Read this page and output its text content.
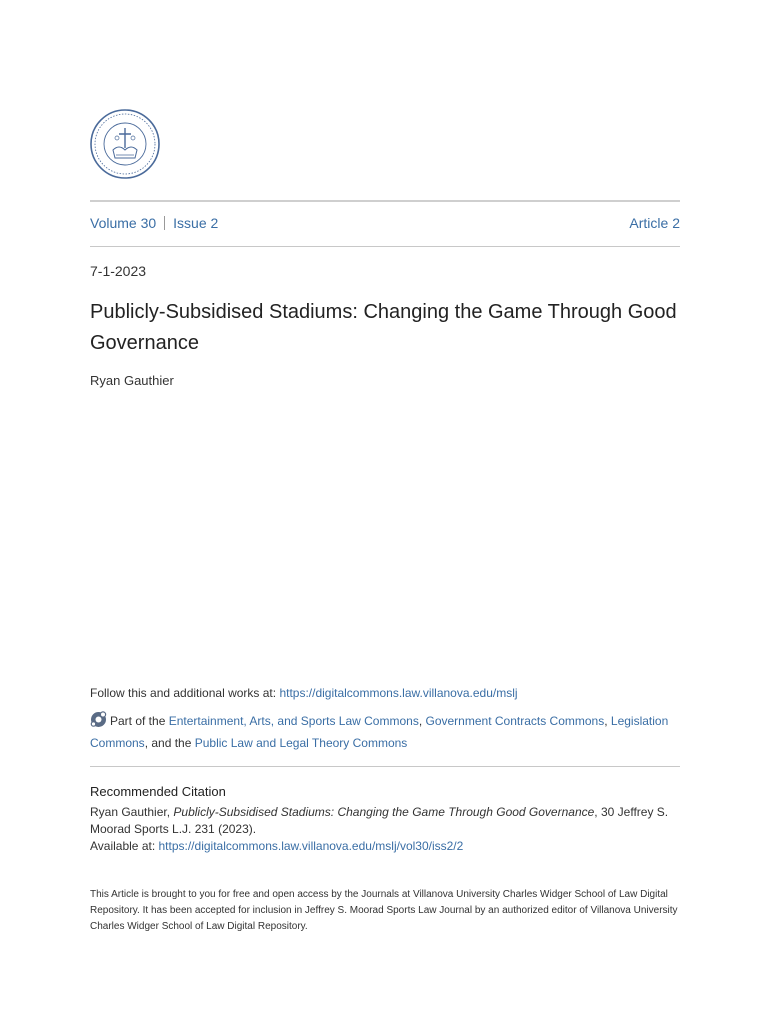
Volume 30 Issue 2	Article 2
7-1-2023
Publicly-Subsidised Stadiums: Changing the Game Through Good Governance
Ryan Gauthier
Follow this and additional works at: https://digitalcommons.law.villanova.edu/mslj
Part of the Entertainment, Arts, and Sports Law Commons, Government Contracts Commons, Legislation Commons, and the Public Law and Legal Theory Commons
Recommended Citation
Ryan Gauthier, Publicly-Subsidised Stadiums: Changing the Game Through Good Governance, 30 Jeffrey S. Moorad Sports L.J. 231 (2023).
Available at: https://digitalcommons.law.villanova.edu/mslj/vol30/iss2/2
This Article is brought to you for free and open access by the Journals at Villanova University Charles Widger School of Law Digital Repository. It has been accepted for inclusion in Jeffrey S. Moorad Sports Law Journal by an authorized editor of Villanova University Charles Widger School of Law Digital Repository.
